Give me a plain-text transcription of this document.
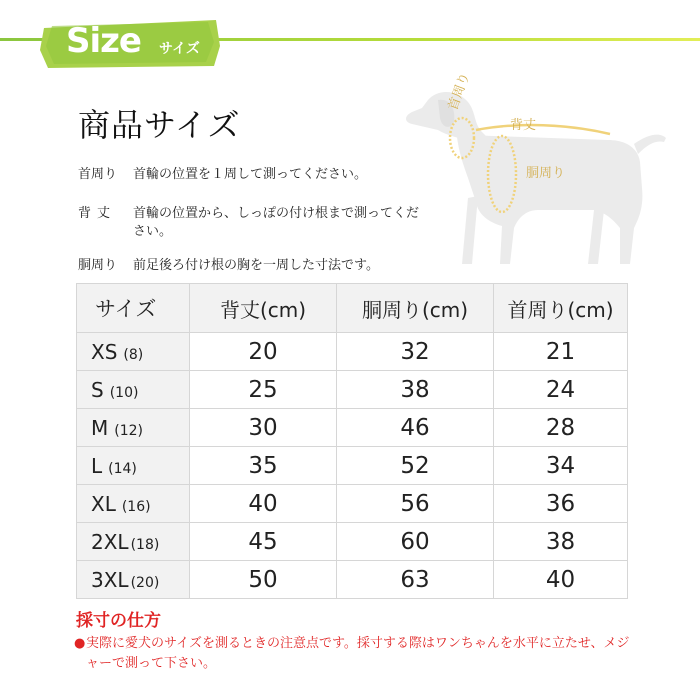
Size サイズ
商品サイズ
首周り	首輪の位置を１周して測ってください。
背丈	首輪の位置から、しっぽの付け根まで測ってください。
胴周り	前足後ろ付け根の胸を一周した寸法です。
首周り
背丈
胴周り
サイズ	背丈(cm)	胴周り(cm)	首周り(cm)
XS (8)	20	32	21
S (10)	25	38	24
M (12)	30	46	28
L (14)	35	52	34
XL (16)	40	56	36
2XL (18)	45	60	38
3XL (20)	50	63	40
採寸の仕方
● 実際に愛犬のサイズを測るときの注意点です。採寸する際はワンちゃんを水平に立たせ、メジャーで測って下さい。
